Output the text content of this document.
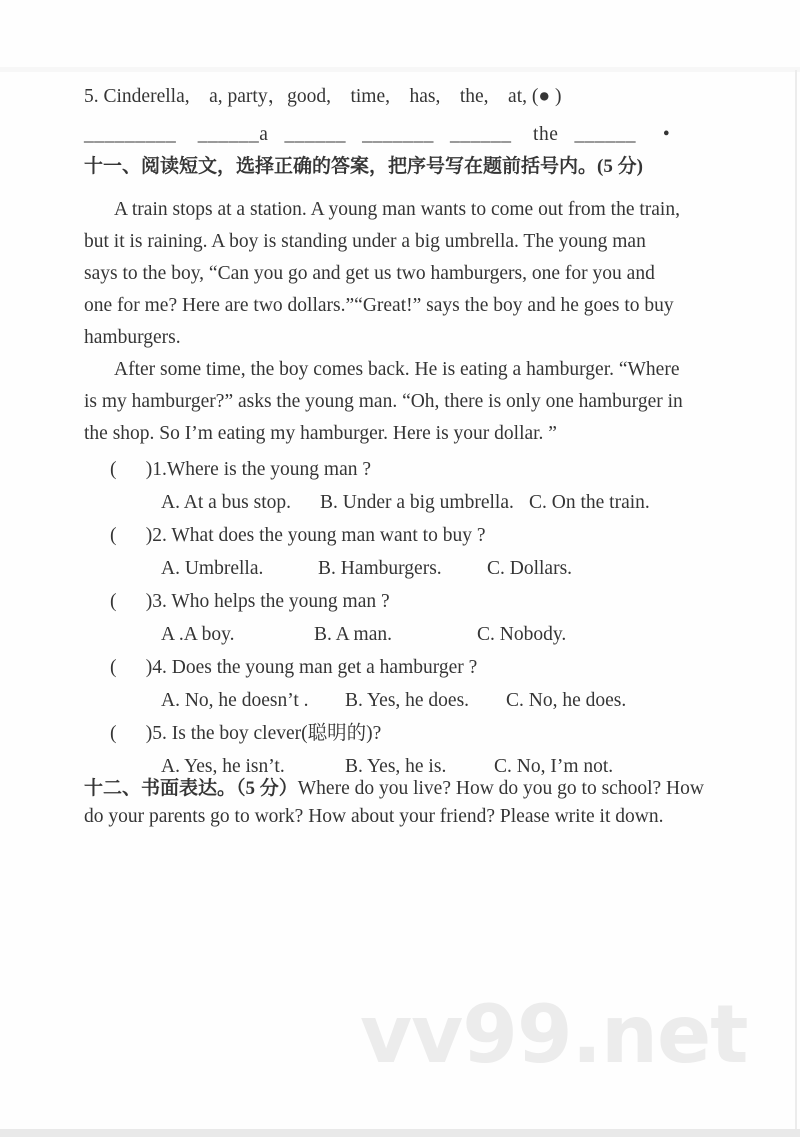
5. Cinderella,    a, party，good,    time,    has,    the,    at, (● )
_________    ______a   ______   _______   ______    the   ______     •
十一、阅读短文，选择正确的答案，把序号写在题前括号内。(5 分)
A train stops at a station. A young man wants to come out from the train,
but it is raining. A boy is standing under a big umbrella. The young man
says to the boy, “Can you go and get us two hamburgers, one for you and
one for me? Here are two dollars.”“Great!” says the boy and he goes to buy
hamburgers.
After some time, the boy comes back. He is eating a hamburger. “Where
is my hamburger?” asks the young man. “Oh, there is only one hamburger in
the shop. So I’m eating my hamburger. Here is your dollar. ”
(      )1.Where is the young man ?
A. At a bus stop.	B. Under a big umbrella. C. On the train.
(      )2. What does the young man want to buy ?
A. Umbrella.	B. Hamburgers.	C. Dollars.
(      )3. Who helps the young man ?
A .A boy.	B. A man.	C. Nobody.
(      )4. Does the young man get a hamburger ?
A. No, he doesn’t .	B. Yes, he does.	C. No, he does.
(      )5. Is the boy clever(聪明的)?
A. Yes, he isn’t.	B. Yes, he is.	C. No, I’m not.
十二、书面表达。（5 分）Where do you live? How do you go to school? How
do your parents go to work? How about your friend? Please write it down.
vv99.net
